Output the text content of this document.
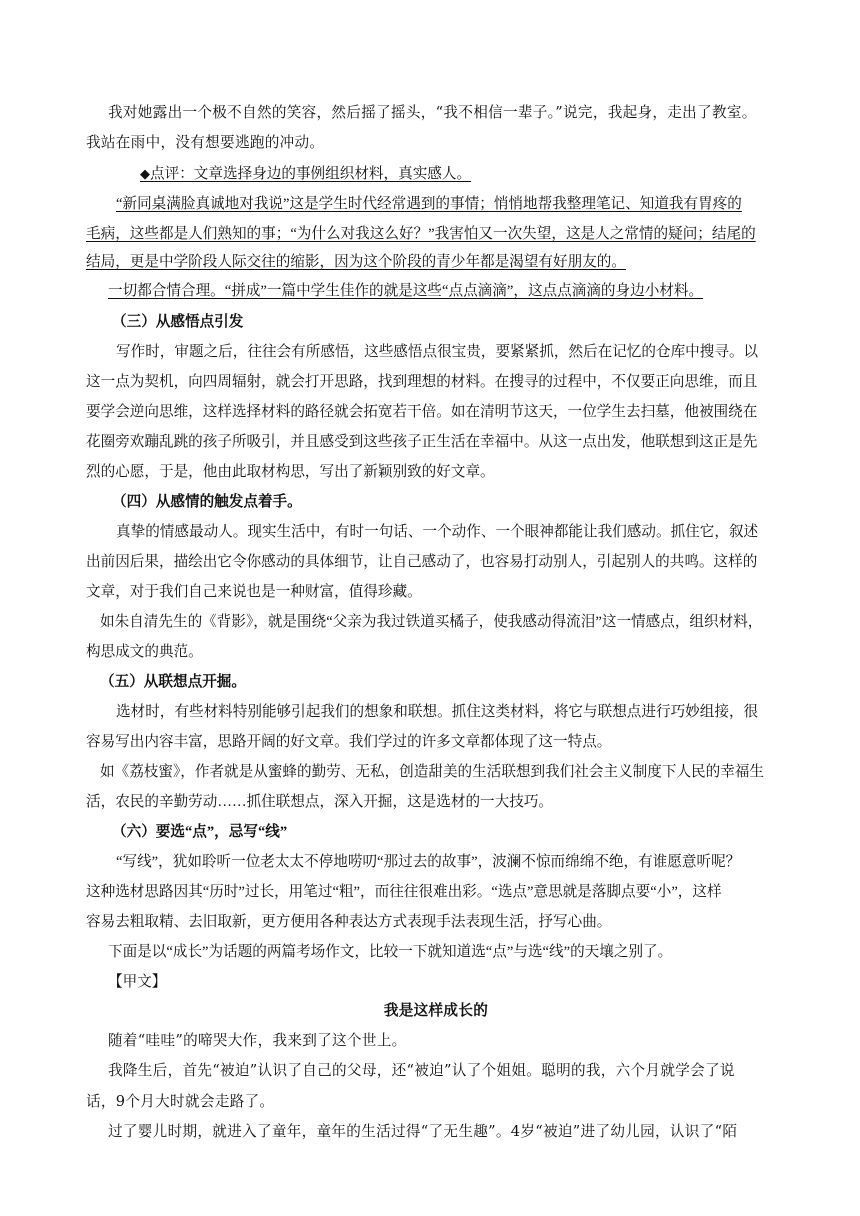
我对她露出一个极不自然的笑容，然后摇了摇头，“我不相信一辈子。”说完，我起身，走出了教室。
我站在雨中，没有想要逃跑的冲动。
◆点评：文章选择身边的事例组织材料，真实感人。
“新同桌满脸真诚地对我说”这是学生时代经常遇到的事情；悄悄地帮我整理笔记、知道我有胃疼的
毛病，这些都是人们熟知的事；“为什么对我这么好？”我害怕又一次失望，这是人之常情的疑问；结尾的
结局，更是中学阶段人际交往的缩影，因为这个阶段的青少年都是渴望有好朋友的。
一切都合情合理。“拼成”一篇中学生佳作的就是这些“点点滴滴”，这点点滴滴的身边小材料。
（三）从感悟点引发
写作时，审题之后，往往会有所感悟，这些感悟点很宝贵，要紧紧抓，然后在记忆的仓库中搜寻。以
这一点为契机，向四周辐射，就会打开思路，找到理想的材料。在搜寻的过程中，不仅要正向思维，而且
要学会逆向思维，这样选择材料的路径就会拓宽若干倍。如在清明节这天，一位学生去扫墓，他被围绕在
花圈旁欢蹦乱跳的孩子所吸引，并且感受到这些孩子正生活在幸福中。从这一点出发，他联想到这正是先
烈的心愿，于是，他由此取材构思，写出了新颖别致的好文章。
（四）从感情的触发点着手。
真挚的情感最动人。现实生活中，有时一句话、一个动作、一个眼神都能让我们感动。抓住它，叙述
出前因后果，描绘出它令你感动的具体细节，让自己感动了，也容易打动别人，引起别人的共鸣。这样的
文章，对于我们自己来说也是一种财富，值得珍藏。
如朱自清先生的《背影》，就是围绕“父亲为我过铁道买橘子，使我感动得流泪”这一情感点，组织材料，
构思成文的典范。
（五）从联想点开掘。
选材时，有些材料特别能够引起我们的想象和联想。抓住这类材料，将它与联想点进行巧妙组接，很
容易写出内容丰富，思路开阔的好文章。我们学过的许多文章都体现了这一特点。
如《荔枝蜜》，作者就是从蜜蜂的勤劳、无私，创造甜美的生活联想到我们社会主义制度下人民的幸福生
活，农民的辛勤劳动……抓住联想点，深入开掘，这是选材的一大技巧。
（六）要选“点”，忌写“线”
“写线”，犹如聆听一位老太太不停地唠叨“那过去的故事”，波澜不惊而绵绵不绝，有谁愿意听呢？
这种选材思路因其“历时”过长，用笔过“粗”，而往往很难出彩。“选点”意思就是落脚点要“小”，这样
容易去粗取精、去旧取新，更方便用各种表达方式表现手法表现生活，抒写心曲。
下面是以“成长”为话题的两篇考场作文，比较一下就知道选“点”与选“线”的天壤之别了。
【甲文】
我是这样成长的
随着“哇哇”的啼哭大作，我来到了这个世上。
我降生后，首先“被迫”认识了自己的父母，还“被迫”认了个姐姐。聪明的我，六个月就学会了说
话，9个月大时就会走路了。
过了婴儿时期，就进入了童年，童年的生活过得“了无生趣”。4岁“被迫”进了幼儿园，认识了“陌
